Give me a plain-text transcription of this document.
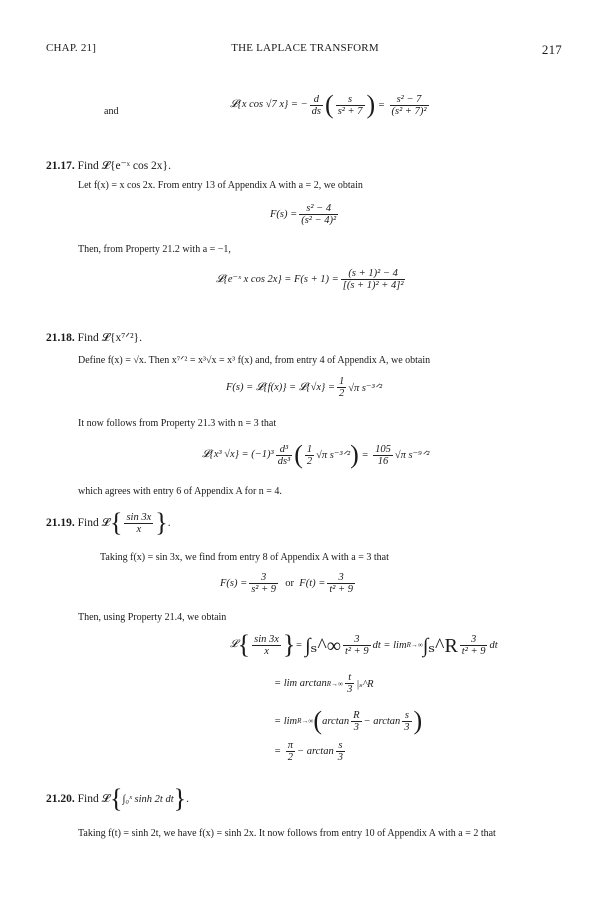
CHAP. 21]	THE LAPLACE TRANSFORM	217
and
𝓛{x cos √7 x} = − $\frac{d}{ds}$ ( $\frac{s}{\text{s² + 7}}$ ) = $\frac{\text{s² − 7}}{\text{(s² + 7)²}}$
21.17. Find 𝓛{e⁻ˣ cos 2x}.
Let f(x) = x cos 2x. From entry 13 of Appendix A with a = 2, we obtain
$F(s) = \frac{\text{s² − 4}}{\text{(s² − 4)²}}$
Then, from Property 21.2 with a = −1,
𝓛{e⁻ˣ x $\cos 2x\} = F(s + 1) = \frac{\text{(s + 1)² − 4}}{\text{[(s + 1)² + 4]²}}$
21.18. Find 𝓛{x⁷ᐟ²}.
Define f(x) = √x. Then x⁷ᐟ² = x³√x = x³ f(x) and, from entry 4 of Appendix A, we obtain
F(s) = 𝓛{f(x)} = 𝓛{√x} = $\frac{1}{2} √\pi$ s⁻³ᐟ²
It now follows from Property 21.3 with n = 3 that
𝓛{x³ $√x\} = (-1)^3 \frac{\text{d³}}{\text{ds³}}$ ( $\frac{1}{2} √\pi$ s⁻³ᐟ² ) = $\frac{105}{16} √\pi$ s⁻⁹ᐟ²
which agrees with entry 6 of Appendix A for n = 4.
21.19.
Find 𝓛 { $\frac{\sin 3x}{x}$ } .
Taking f(x) = sin 3x, we find from entry 8 of Appendix A with a = 3 that
$F(s) = \frac{3}{\text{s² + 9}}$ or $F(t) = \frac{3}{\text{t² + 9}}$
Then, using Property 21.4, we obtain
𝓛 { $\frac{\sin 3x}{x}$ } =
∫ₛ^∞ $\frac{3}{\text{t² + 9}}$ dt = lim R→∞ ∫ₛ^R $\frac{3}{\text{t² + 9}}$ dt
= $\lim \arctan R\to\infty \frac{t}{3}$ |ₛ^R
= lim R→∞ ( $\arctan \frac{R}{3} - \arctan \frac{s}{3}$ )
=
$\frac{\pi}{2} - \arctan \frac{s}{3}$
21.20.
Find 𝓛 { ∫₀ˣ sinh 2t dt } .
Taking f(t) = sinh 2t, we have f(x) = sinh 2x. It now follows from entry 10 of Appendix A with a = 2 that
